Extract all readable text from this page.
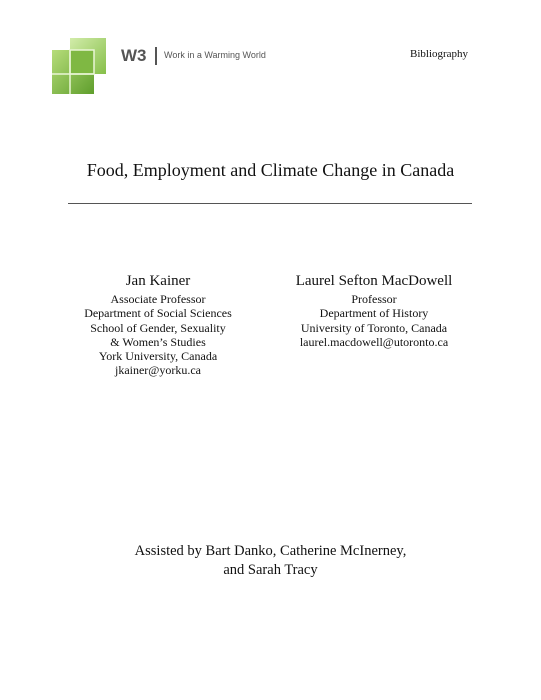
W3 Work in a Warming World	Bibliography
Food, Employment and Climate Change in Canada
Jan Kainer
Associate Professor
Department of Social Sciences
School of Gender, Sexuality
& Women’s Studies
York University, Canada
jkainer@yorku.ca
Laurel Sefton MacDowell
Professor
Department of History
University of Toronto, Canada
laurel.macdowell@utoronto.ca
Assisted by Bart Danko, Catherine McInerney,
and Sarah Tracy
